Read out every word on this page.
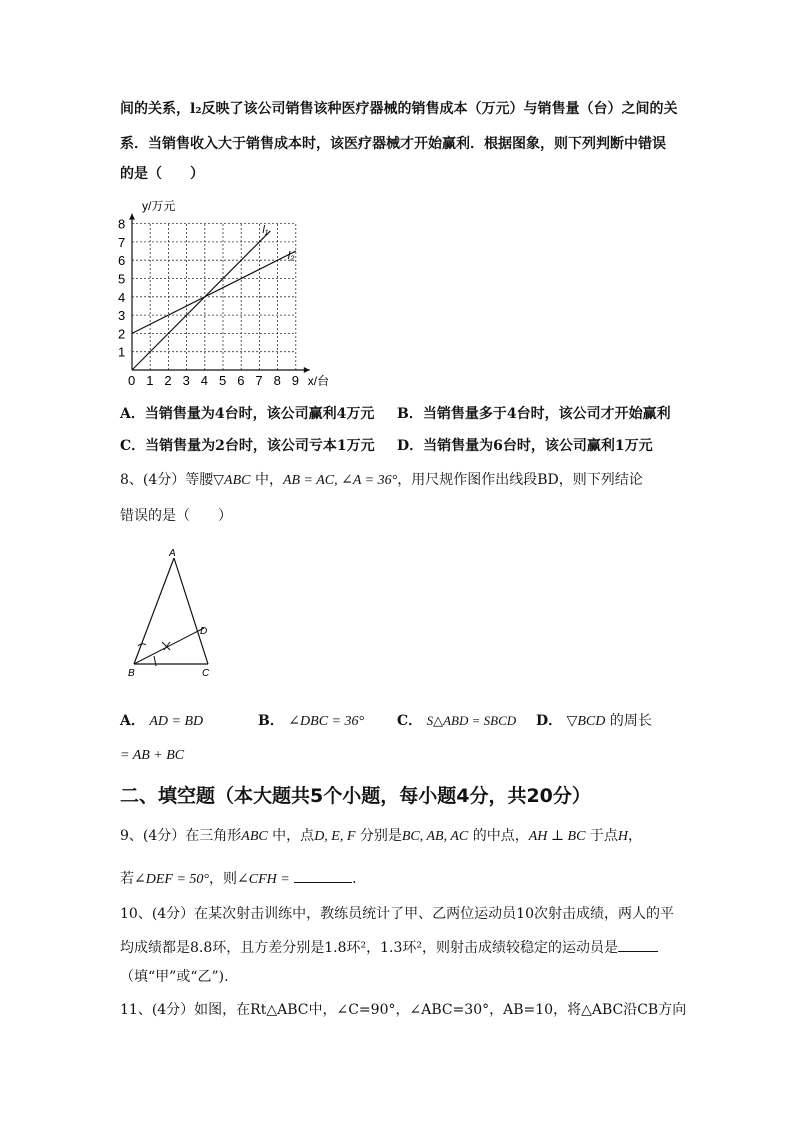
间的关系，l₂反映了该公司销售该种医疗器械的销售成本（万元）与销售量（台）之间的关
系．当销售收入大于销售成本时，该医疗器械才开始赢利．根据图象，则下列判断中错误
的是（　　）
0 1 2 3 4 5 6 7 8 9
1
2
3
4
5
6
7
8
y/万元
x/台
l₁
l₂
A．当销售量为4台时，该公司赢利4万元 B．当销售量多于4台时，该公司才开始赢利
C．当销售量为2台时，该公司亏本1万元 D．当销售量为6台时，该公司赢利1万元
8、(4分）等腰▽ABC 中，AB = AC, ∠A = 36°，用尺规作图作出线段BD，则下列结论
错误的是（　　）
A
B	C
D
A． AD = BD	B． ∠DBC = 36° C． S△ABD = SBCD D． ▽BCD 的周长
= AB + BC
二、填空题（本大题共5个小题，每小题4分，共20分）
9、(4分）在三角形ABC 中，点D, E, F 分别是BC, AB, AC 的中点，AH ⊥ BC 于点H，
若∠DEF = 50°，则∠CFH =	．
10、(4分）在某次射击训练中，教练员统计了甲、乙两位运动员10次射击成绩，两人的平
均成绩都是8.8环，且方差分别是1.8环²，1.3环²，则射击成绩较稳定的运动员是
（填“甲”或“乙”).
11、(4分）如图，在Rt△ABC中，∠C=90°，∠ABC=30°，AB=10，将△ABC沿CB方向
